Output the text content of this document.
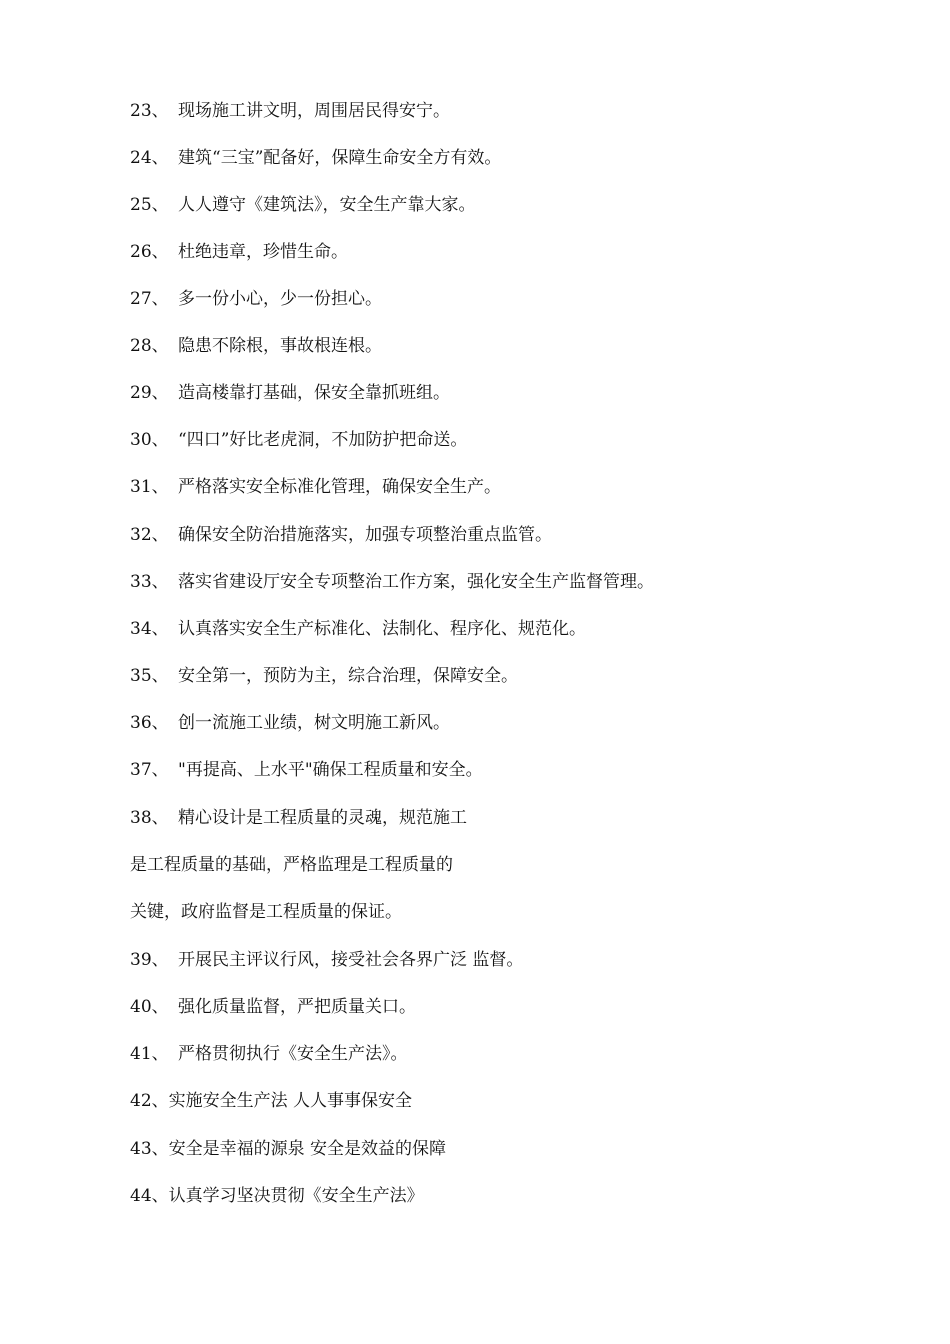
23、 现场施工讲文明，周围居民得安宁。
24、 建筑“三宝”配备好，保障生命安全方有效。
25、 人人遵守《建筑法》，安全生产靠大家。
26、 杜绝违章，珍惜生命。
27、 多一份小心，少一份担心。
28、 隐患不除根，事故根连根。
29、 造高楼靠打基础，保安全靠抓班组。
30、 “四口”好比老虎洞，不加防护把命送。
31、 严格落实安全标准化管理，确保安全生产。
32、 确保安全防治措施落实，加强专项整治重点监管。
33、 落实省建设厅安全专项整治工作方案，强化安全生产监督管理。
34、 认真落实安全生产标准化、法制化、程序化、规范化。
35、 安全第一，预防为主，综合治理，保障安全。
36、 创一流施工业绩，树文明施工新风。
37、 "再提高、上水平"确保工程质量和安全。
38、 精心设计是工程质量的灵魂，规范施工
是工程质量的基础，严格监理是工程质量的
关键，政府监督是工程质量的保证。
39、 开展民主评议行风，接受社会各界广泛 监督。
40、 强化质量监督，严把质量关口。
41、 严格贯彻执行《安全生产法》。
42、实施安全生产法 人人事事保安全
43、安全是幸福的源泉 安全是效益的保障
44、认真学习坚决贯彻《安全生产法》
